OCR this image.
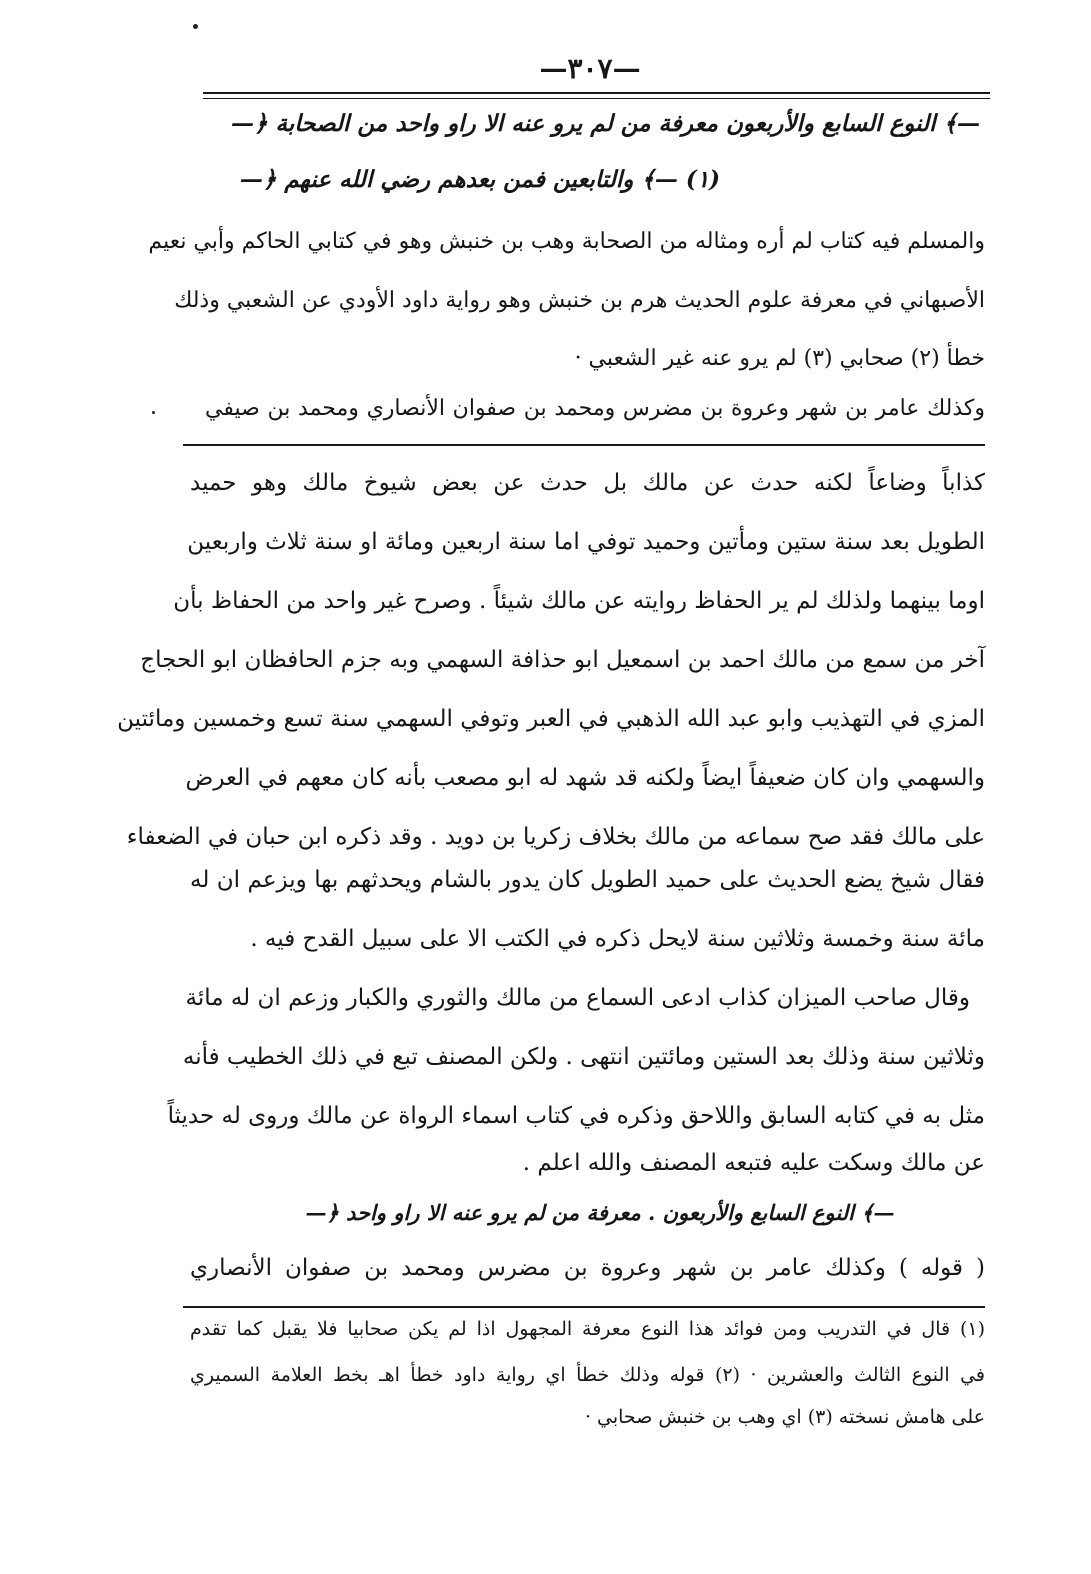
—٣٠٧—
—﴾ النوع السابع والأربعون معرفة من لم يرو عنه الا راو واحد من الصحابة ﴿—
(١) —﴾ والتابعين فمن بعدهم رضي الله عنهم ﴿—
والمسلم فيه كتاب لم أره ومثاله من الصحابة وهب بن خنبش وهو في كتابي الحاكم وأبي نعيم
الأصبهاني في معرفة علوم الحديث هرم بن خنبش وهو رواية داود الأودي عن الشعبي وذلك
خطأ (٢) صحابي (٣) لم يرو عنه غير الشعبي ·
وكذلك عامر بن شهر وعروة بن مضرس ومحمد بن صفوان الأنصاري ومحمد بن صيفي
كذاباً وضاعاً لكنه حدث عن مالك بل حدث عن بعض شيوخ مالك وهو حميد
الطويل بعد سنة ستين ومأتين وحميد توفي اما سنة اربعين ومائة او سنة ثلاث واربعين
اوما بينهما ولذلك لم ير الحفاظ روايته عن مالك شيئاً . وصرح غير واحد من الحفاظ بأن
آخر من سمع من مالك احمد بن اسمعيل ابو حذافة السهمي وبه جزم الحافظان ابو الحجاج
المزي في التهذيب وابو عبد الله الذهبي في العبر وتوفي السهمي سنة تسع وخمسين ومائتين
والسهمي وان كان ضعيفاً ايضاً ولكنه قد شهد له ابو مصعب بأنه كان معهم في العرض
على مالك فقد صح سماعه من مالك بخلاف زكريا بن دويد . وقد ذكره ابن حبان في الضعفاء
فقال شيخ يضع الحديث على حميد الطويل كان يدور بالشام ويحدثهم بها ويزعم ان له
مائة سنة وخمسة وثلاثين سنة لايحل ذكره في الكتب الا على سبيل القدح فيه .
وقال صاحب الميزان كذاب ادعى السماع من مالك والثوري والكبار وزعم ان له مائة
وثلاثين سنة وذلك بعد الستين ومائتين انتهى . ولكن المصنف تبع في ذلك الخطيب فأنه
مثل به في كتابه السابق واللاحق وذكره في كتاب اسماء الرواة عن مالك وروى له حديثاً
عن مالك وسكت عليه فتبعه المصنف والله اعلم .
—﴾ النوع السابع والأربعون . معرفة من لم يرو عنه الا راو واحد ﴿—
( قوله ) وكذلك عامر بن شهر وعروة بن مضرس ومحمد بن صفوان الأنصاري
(١) قال في التدريب ومن فوائد هذا النوع معرفة المجهول اذا لم يكن صحابيا فلا يقبل كما تقدم
في النوع الثالث والعشرين · (٢) قوله وذلك خطأ اي رواية داود خطأ اهـ بخط العلامة السميري
على هامش نسخته (٣) اي وهب بن خنبش صحابي ·
